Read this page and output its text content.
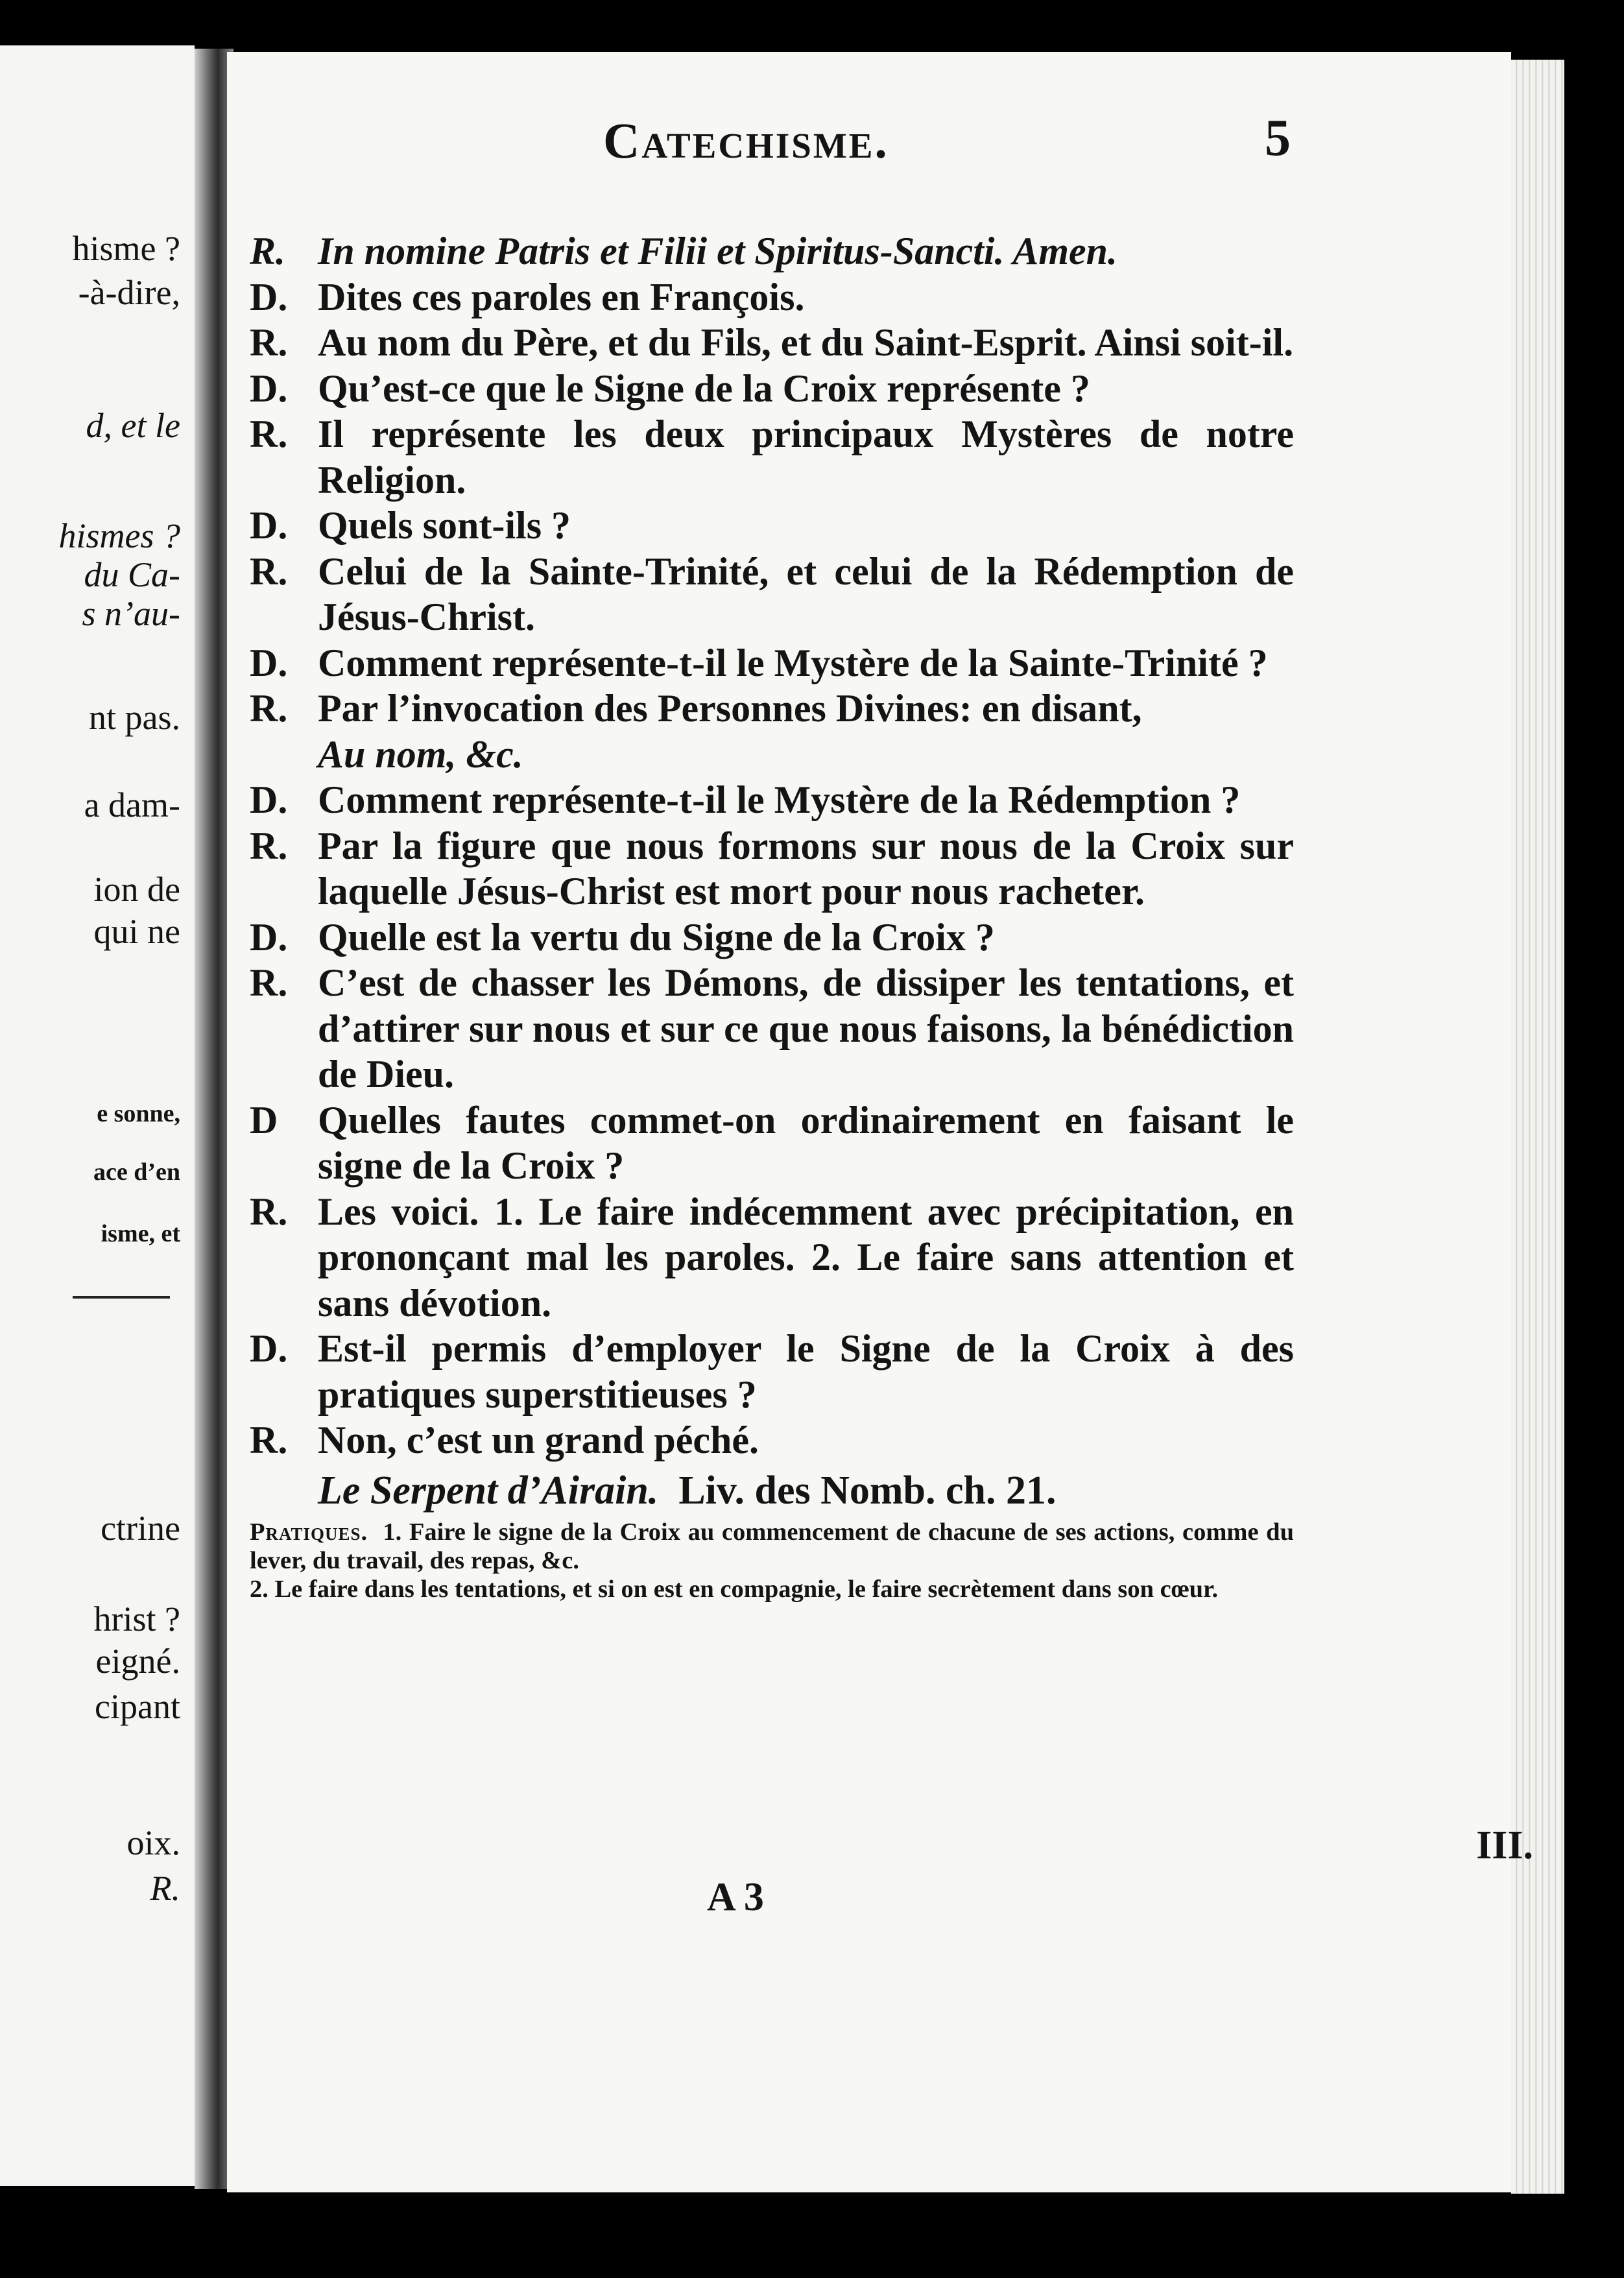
hisme ?
-à-dire,
d, et le
hismes ?
du Ca-
s n’au-
nt pas.
a dam-
ion de
qui ne
e sonne,
ace d’en
isme, et
ctrine
hrist ?
eigné.
cipant
oix.
R.
Catechisme.	5
R. In nomine Patris et Filii et Spiritus-Sancti. Amen.
D. Dites ces paroles en François.
R. Au nom du Père, et du Fils, et du Saint-Esprit. Ainsi soit-il.
D. Qu’est-ce que le Signe de la Croix représente ?
R. Il représente les deux principaux Mystères de notre Religion.
D. Quels sont-ils ?
R. Celui de la Sainte-Trinité, et celui de la Rédemption de Jésus-Christ.
D. Comment représente-t-il le Mystère de la Sainte-Trinité ?
R. Par l’invocation des Personnes Divines: en disant,
Au nom, &c.
D. Comment représente-t-il le Mystère de la Rédemption ?
R. Par la figure que nous formons sur nous de la Croix sur laquelle Jésus-Christ est mort pour nous racheter.
D. Quelle est la vertu du Signe de la Croix ?
R. C’est de chasser les Démons, de dissiper les tentations, et d’attirer sur nous et sur ce que nous faisons, la bénédiction de Dieu.
D	Quelles fautes commet-on ordinairement en faisant le signe de la Croix ?
R. Les voici. 1. Le faire indécemment avec précipitation, en prononçant mal les paroles. 2. Le faire sans attention et sans dévotion.
D. Est-il permis d’employer le Signe de la Croix à des pratiques superstitieuses ?
R. Non, c’est un grand péché.
Le Serpent d’Airain. Liv. des Nomb. ch. 21.

Pratiques. 1. Faire le signe de la Croix au commencement de chacune de ses actions, comme du lever, du travail, des repas, &c.

2. Le faire dans les tentations, et si on est en compagnie, le faire secrètement dans son cœur.

III.
A 3
